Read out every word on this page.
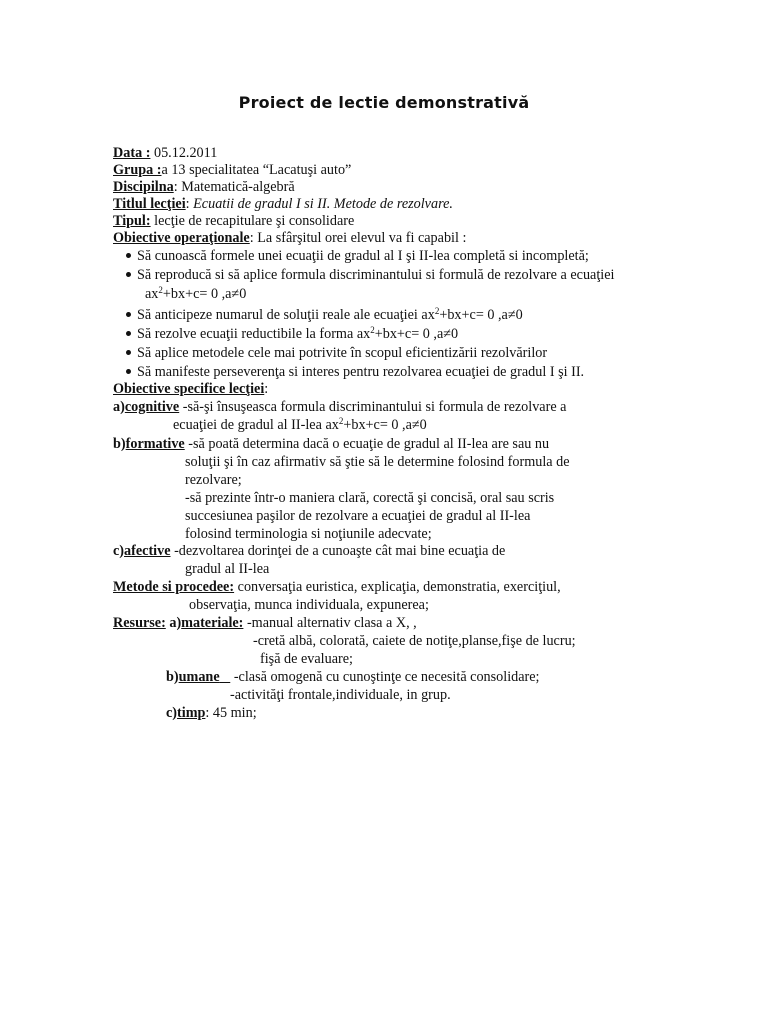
Proiect de lectie demonstrativă
Data : 05.12.2011
Grupa :a 13 specialitatea “Lacatuşi auto”
Discipilna: Matematică-algebră
Titlul lecţiei: Ecuatii de gradul I si II. Metode de rezolvare.
Tipul: lecţie de recapitulare şi consolidare
Obiective operaţionale: La sfârşitul orei elevul va fi capabil :
Să cunoască formele unei ecuaţii de gradul al I şi II-lea completă si incompletă;
Să reproducă si să aplice formula discriminantului si formulă de rezolvare a ecuaţiei
$ax^2+bx+c= 0$ ,a≠0
Să anticipeze numarul de soluţii reale ale ecuaţiei $ax^2+bx+c= 0$ ,a≠0
Să rezolve ecuaţii reductibile la forma $ax^2+bx+c= 0$ ,a≠0
Să aplice metodele cele mai potrivite în scopul eficientizării rezolvărilor
Să manifeste perseverenţa si interes pentru rezolvarea ecuaţiei de gradul I şi II.
Obiective specifice lecţiei:
a)cognitive -să-şi însuşeasca formula discriminantului si formula de rezolvare a
ecuaţiei de gradul al II-lea $ax^2+bx+c= 0$ ,a≠0
b)formative -să poată determina dacă o ecuaţie de gradul al II-lea are sau nu
soluţii şi în caz afirmativ să ştie să le determine folosind formula de
rezolvare;
-să prezinte într-o maniera clară, corectă şi concisă, oral sau scris
succesiunea paşilor de rezolvare a ecuaţiei de gradul al II-lea
folosind terminologia si noţiunile adecvate;
c)afective -dezvoltarea dorinţei de a cunoaşte cât mai bine ecuaţia de
gradul al II-lea
Metode si procedee: conversaţia euristica, explicaţia, demonstratia, exerciţiul,
observaţia, munca individuala, expunerea;
Resurse: a)materiale: -manual alternativ clasa a X, ,
-cretă albă, colorată, caiete de notiţe,planse,fişe de lucru;
fişă de evaluare;
b)umane    -clasă omogenă cu cunoştinţe ce necesită consolidare;
-activităţi frontale,individuale, in grup.
c)timp: 45 min;
